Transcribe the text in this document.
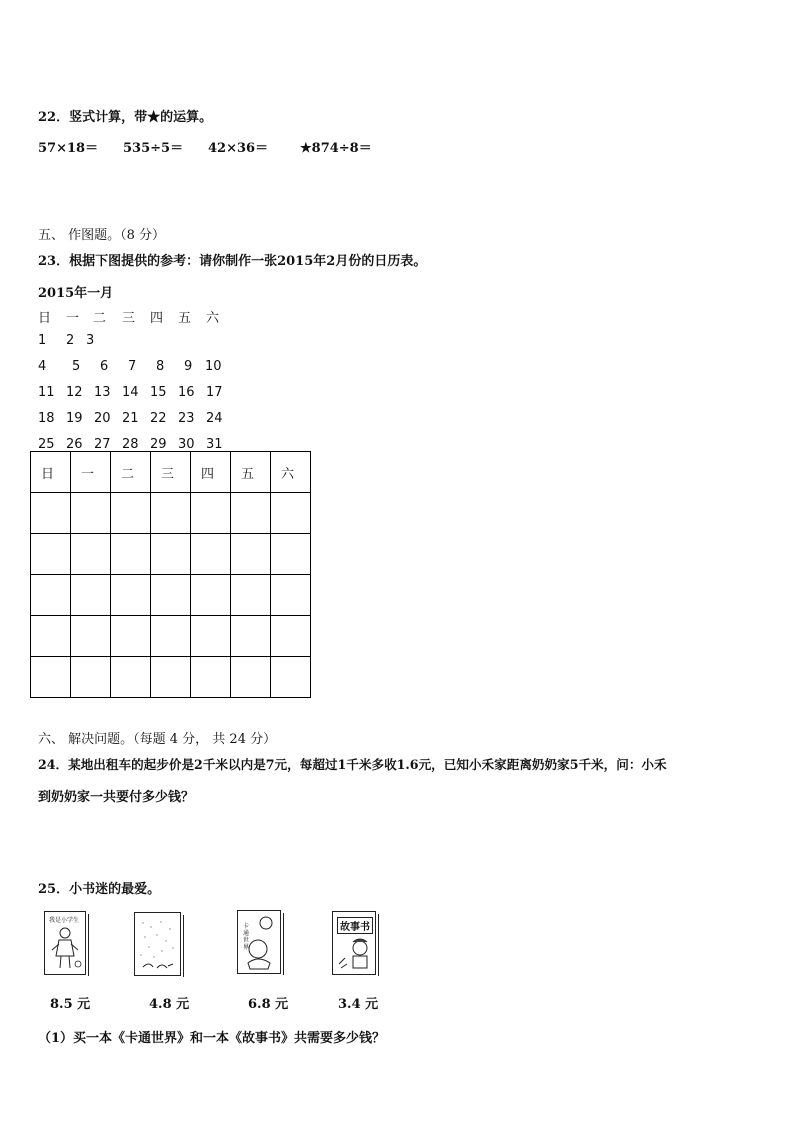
22．竖式计算，带★的运算。
57×18＝ 535÷5＝ 42×36＝ ★874÷8＝
五、 作图题。（8 分）
23．根据下图提供的参考：请你制作一张2015年2月份的日历表。
2015年一月
日 一 二 三 四 五 六
1 2 3
4 5 6 7 8 9 10
11 12 13 14 15 16 17
18 19 20 21 22 23 24
25 26 27 28 29 30 31
日	一	二	三	四	五	六

六、 解决问题。（每题 4 分， 共 24 分）
24．某地出租车的起步价是2千米以内是7元，每超过1千米多收1.6元，已知小禾家距离奶奶家5千米，问：小禾
到奶奶家一共要付多少钱？
25．小书迷的最爱。
我是小学生
卡通世界
故事书
8.5 元	4.8 元	6.8 元	3.4 元
（1）买一本《卡通世界》和一本《故事书》共需要多少钱？
